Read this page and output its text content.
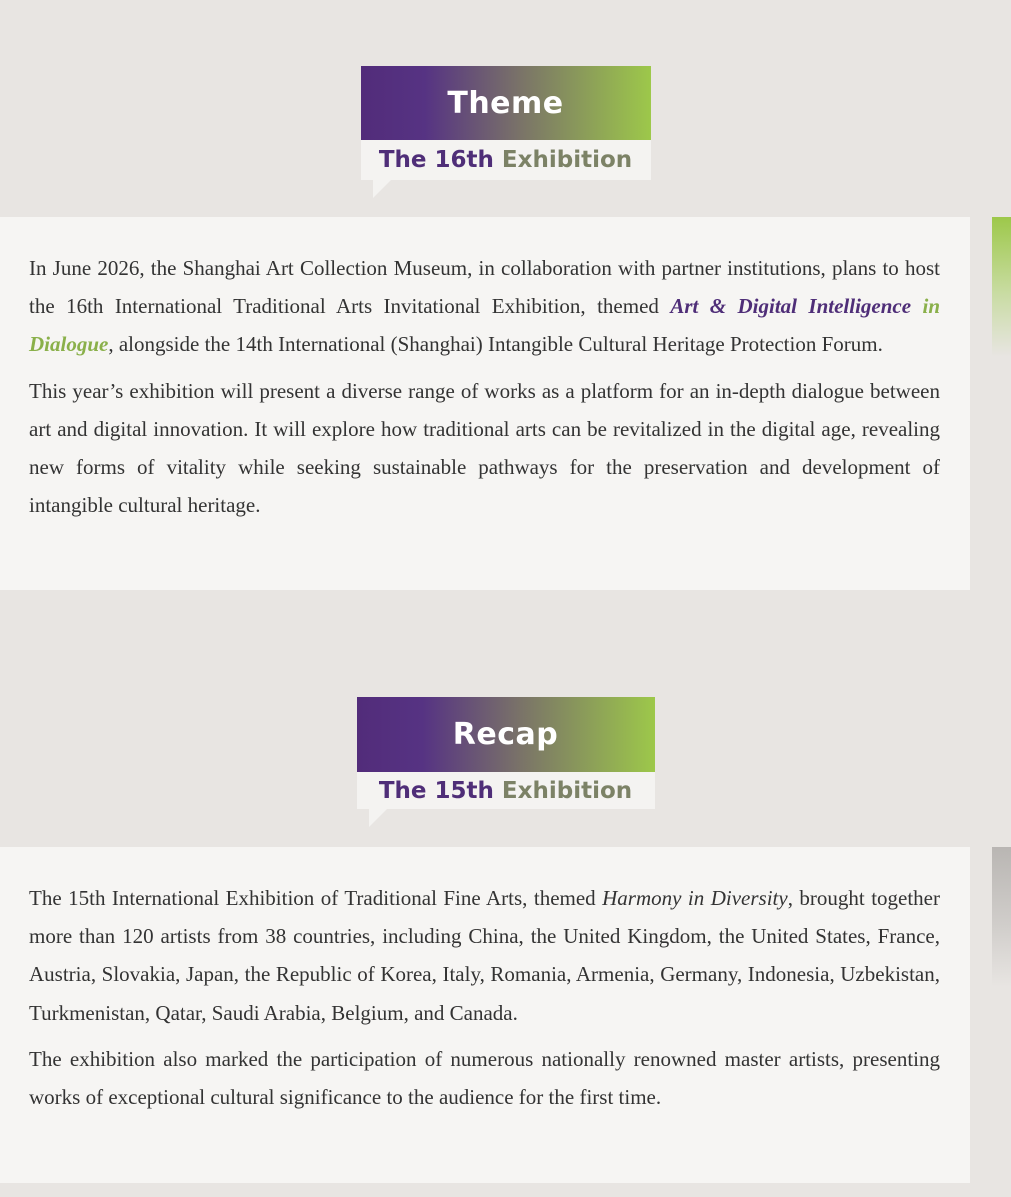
Theme
The 16th
Exhibition

In June 2026, the Shanghai Art Collection Museum, in collaboration with partner institutions, plans to host the 16th International Traditional Arts Invitational Exhibition, themed Art & Digital Intelligence in Dialogue, alongside the 14th International (Shanghai) Intangible Cultural Heritage Protection Forum.

This year’s exhibition will present a diverse range of works as a platform for an in-depth dialogue between art and digital innovation. It will explore how traditional arts can be revitalized in the digital age, revealing new forms of vitality while seeking sustainable pathways for the preservation and development of intangible cultural heritage.

Recap
The 15th
Exhibition

The 15th International Exhibition of Traditional Fine Arts, themed Harmony in Diversity, brought together more than 120 artists from 38 countries, including China, the United Kingdom, the United States, France, Austria, Slovakia, Japan, the Republic of Korea, Italy, Romania, Armenia, Germany, Indonesia, Uzbekistan, Turkmenistan, Qatar, Saudi Arabia, Belgium, and Canada.

The exhibition also marked the participation of numerous nationally renowned master artists, presenting works of exceptional cultural significance to the audience for the first time.
